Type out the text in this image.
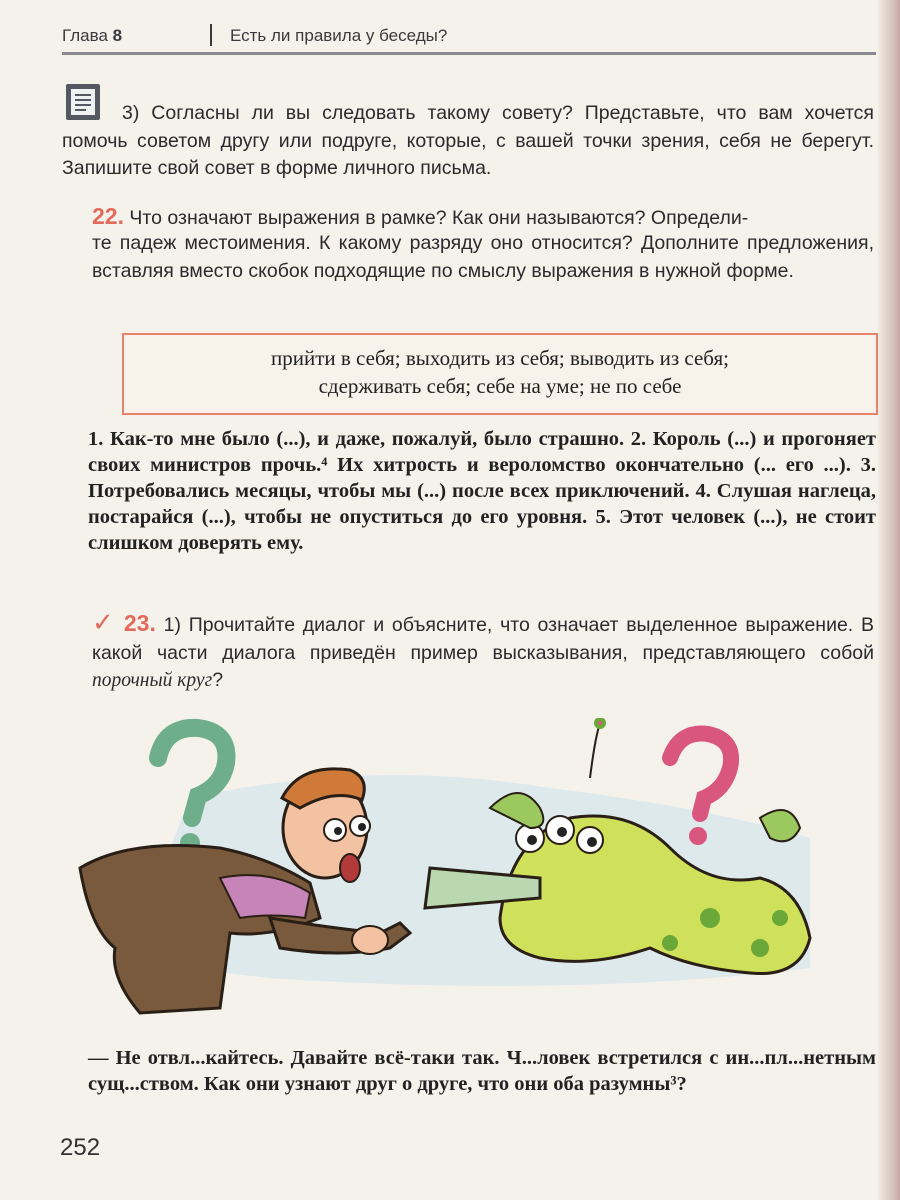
Глава 8	Есть ли правила у беседы?
3) Согласны ли вы следовать такому совету? Представьте, что вам хочется помочь советом другу или подруге, которые, с вашей точки зрения, себя не берегут. Запишите свой совет в форме личного письма.
22. Что означают выражения в рамке? Как они называются? Определи-
те падеж местоимения. К какому разряду оно относится? Дополните предложения, вставляя вместо скобок подходящие по смыслу выражения в нужной форме.
прийти в себя; выходить из себя; выводить из себя;
сдерживать себя; себе на уме; не по себе
1. Как-то мне было (...), и даже, пожалуй, было страшно. 2. Король (...) и прогоняет своих министров прочь.⁴ Их хитрость и вероломство окончательно (... его ...). 3. Потребовались месяцы, чтобы мы (...) после всех приключений. 4. Слушая наглеца, постарайся (...), чтобы не опуститься до его уровня. 5. Этот человек (...), не стоит слишком доверять ему.
✓ 23. 1) Прочитайте диалог и объясните, что означает выделенное выражение. В какой части диалога приведён пример высказывания, представляющего собой порочный круг?
— Не отвл...кайтесь. Давайте всё-таки так. Ч...ловек встретился с ин...пл...нетным сущ...ством. Как они узнают друг о друге, что они оба разумны³?
252
